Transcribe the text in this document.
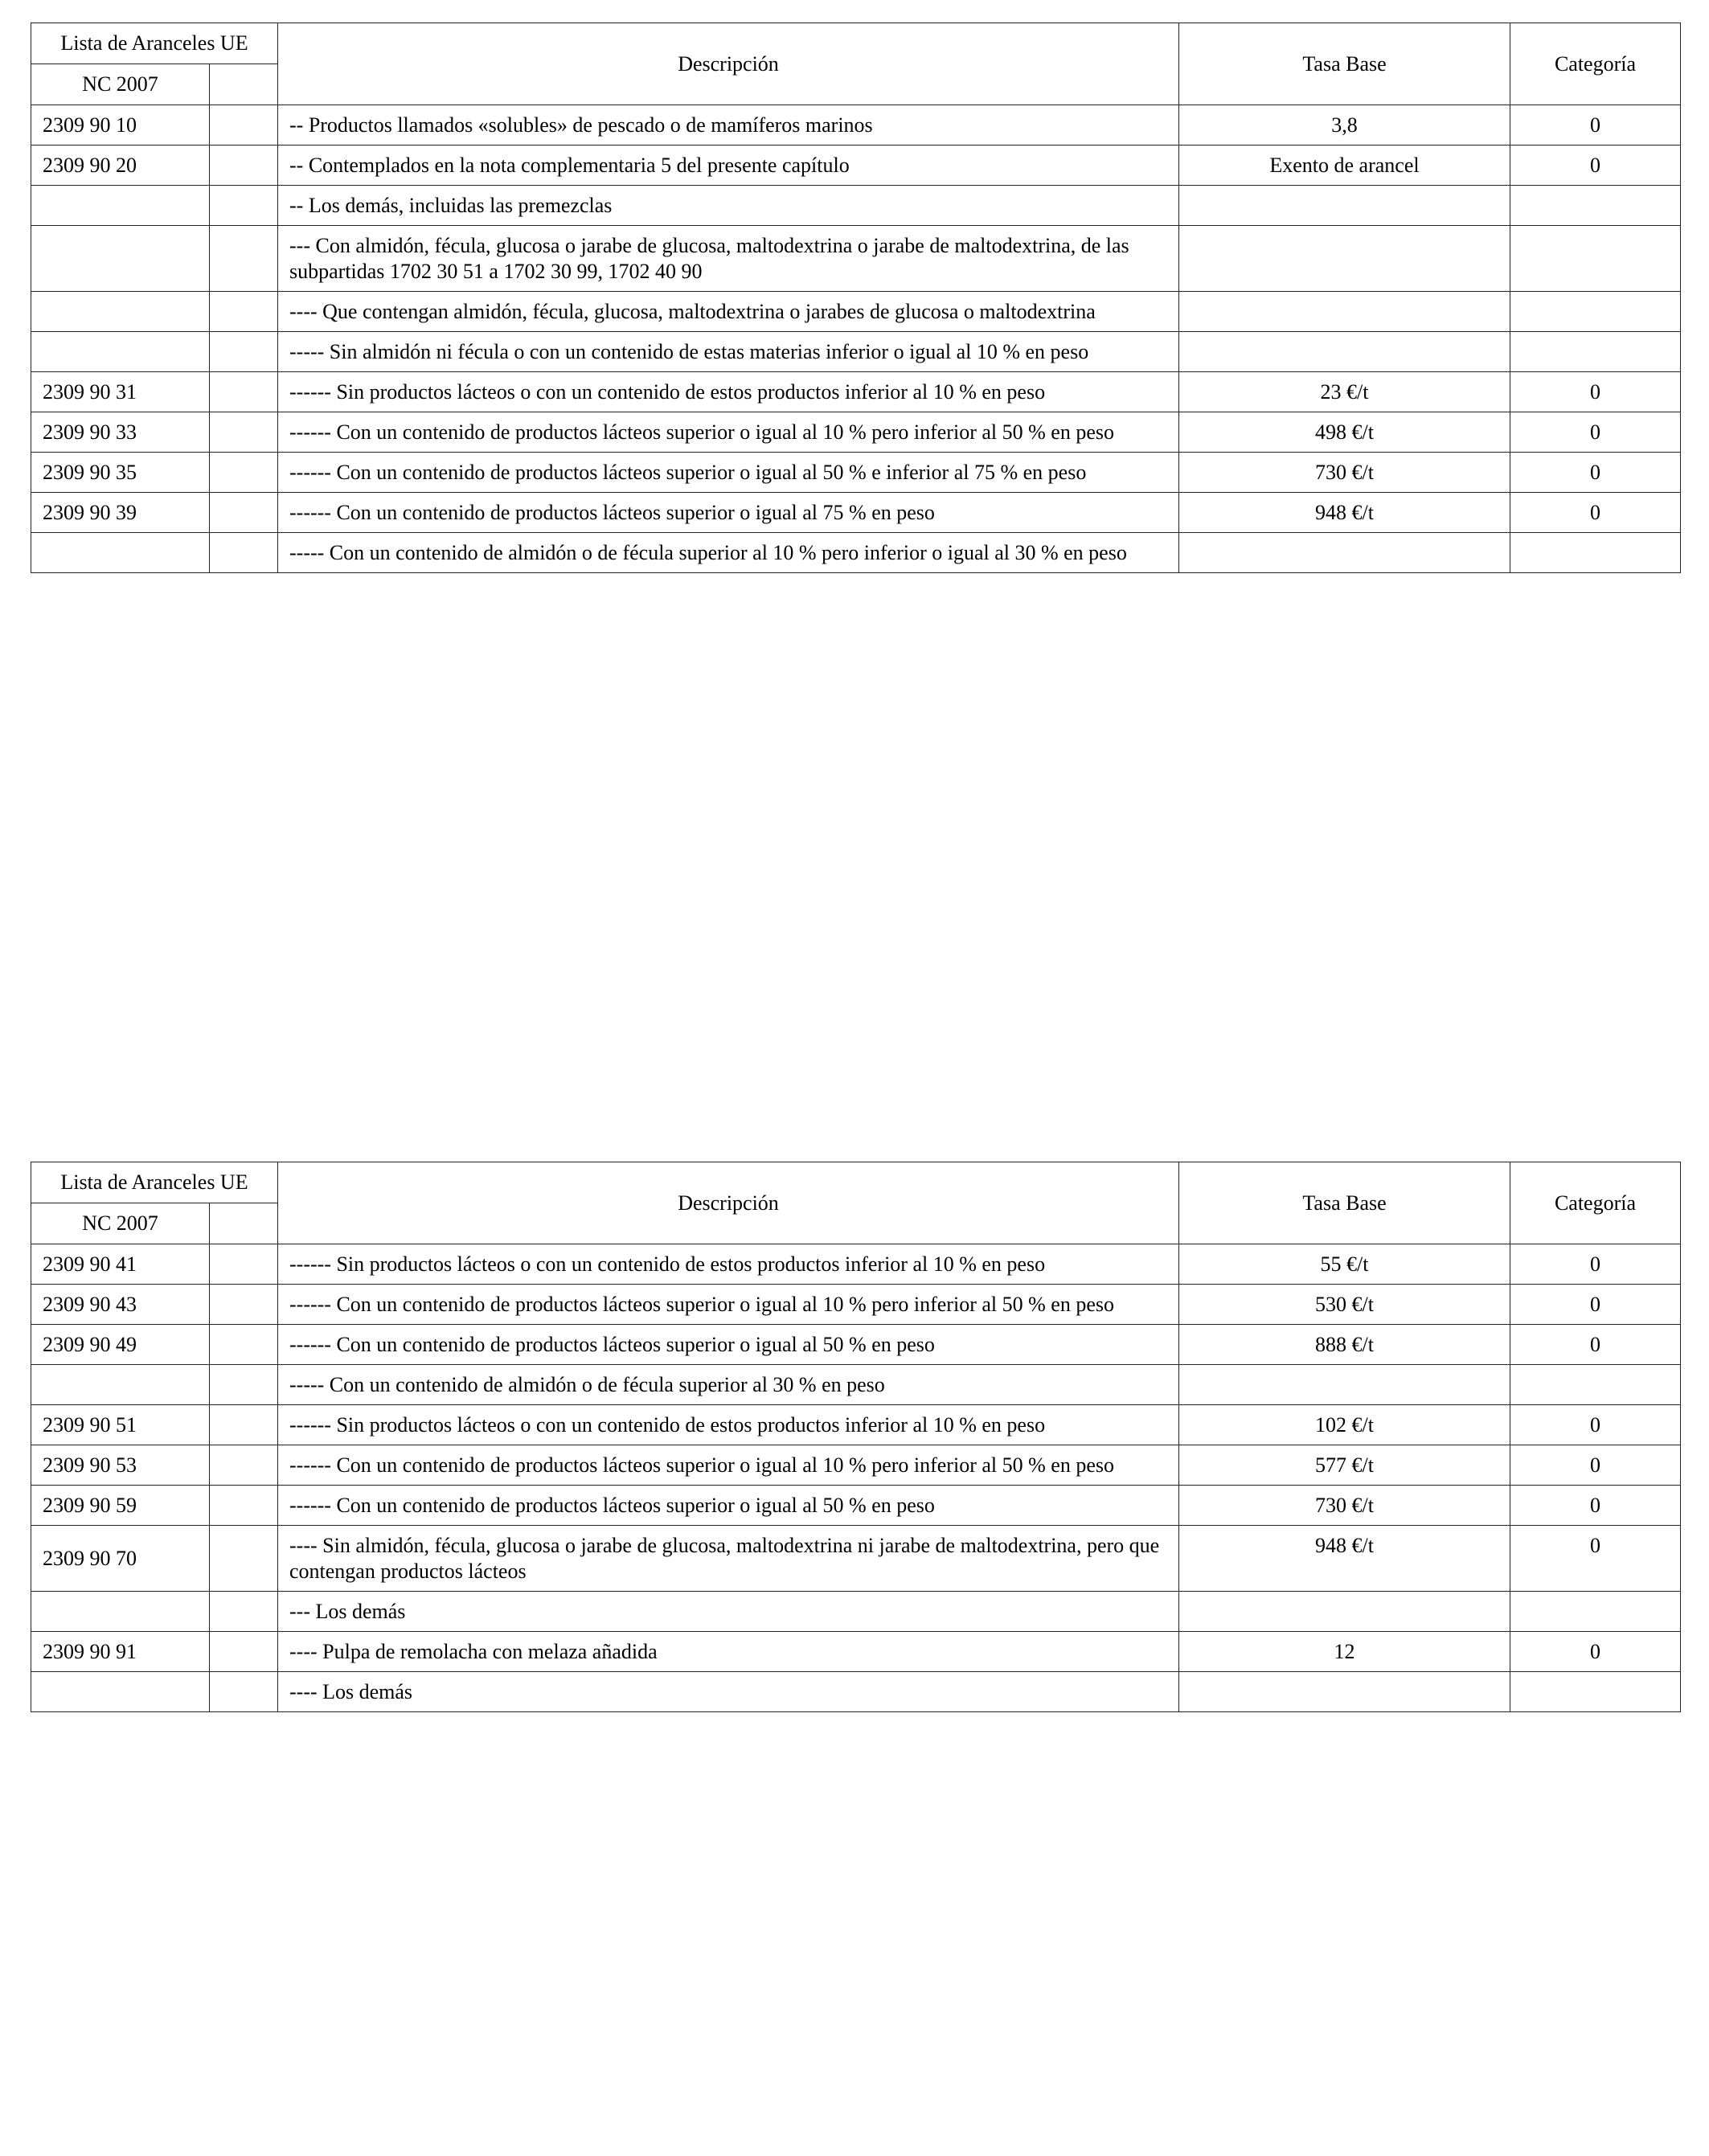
Lista de Aranceles UE		Descripción	Tasa Base	Categoría
NC 2007				
2309 90 10		-- Productos llamados «solubles» de pescado o de mamíferos marinos	3,8	0
2309 90 20		-- Contemplados en la nota complementaria 5 del presente capítulo	Exento de arancel	0
		-- Los demás, incluidas las premezclas		
		--- Con almidón, fécula, glucosa o jarabe de glucosa, maltodextrina o jarabe de maltodextrina, de las subpartidas 1702 30 51 a 1702 30 99, 1702 40 90		
		---- Que contengan almidón, fécula, glucosa, maltodextrina o jarabes de glucosa o maltodextrina		
		----- Sin almidón ni fécula o con un contenido de estas materias inferior o igual al 10 % en peso		
2309 90 31		------ Sin productos lácteos o con un contenido de estos productos inferior al 10 % en peso	23 €/t	0
2309 90 33		------ Con un contenido de productos lácteos superior o igual al 10 % pero inferior al 50 % en peso	498 €/t	0
2309 90 35		------ Con un contenido de productos lácteos superior o igual al 50 % e inferior al 75 % en peso	730 €/t	0
2309 90 39		------ Con un contenido de productos lácteos superior o igual al 75 % en peso	948 €/t	0
		----- Con un contenido de almidón o de fécula superior al 10 % pero inferior o igual al 30 % en peso		
Lista de Aranceles UE		Descripción	Tasa Base	Categoría
NC 2007				
2309 90 41		------ Sin productos lácteos o con un contenido de estos productos inferior al 10 % en peso	55 €/t	0
2309 90 43		------ Con un contenido de productos lácteos superior o igual al 10 % pero inferior al 50 % en peso	530 €/t	0
2309 90 49		------ Con un contenido de productos lácteos superior o igual al 50 % en peso	888 €/t	0
		----- Con un contenido de almidón o de fécula superior al 30 % en peso		
2309 90 51		------ Sin productos lácteos o con un contenido de estos productos inferior al 10 % en peso	102 €/t	0
2309 90 53		------ Con un contenido de productos lácteos superior o igual al 10 % pero inferior al 50 % en peso	577 €/t	0
2309 90 59		------ Con un contenido de productos lácteos superior o igual al 50 % en peso	730 €/t	0
2309 90 70		---- Sin almidón, fécula, glucosa o jarabe de glucosa, maltodextrina ni jarabe de maltodextrina, pero que contengan productos lácteos	948 €/t	0
		--- Los demás		
2309 90 91		---- Pulpa de remolacha con melaza añadida	12	0
		---- Los demás		
